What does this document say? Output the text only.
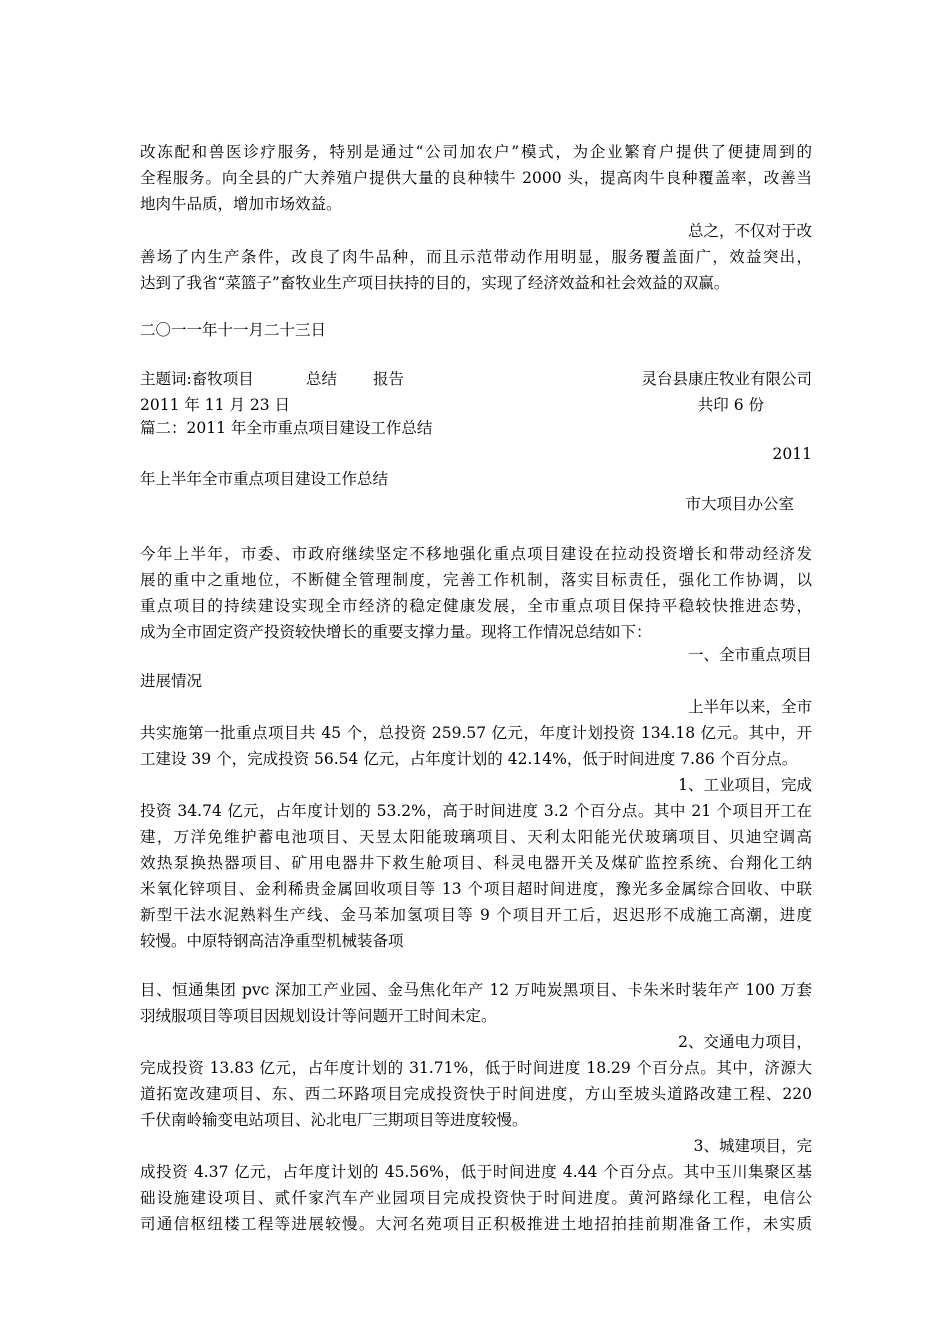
改冻配和兽医诊疗服务，特别是通过“公司加农户”模式，为企业繁育户提供了便捷周到的
全程服务。向全县的广大养殖户提供大量的良种犊牛 2000 头，提高肉牛良种覆盖率，改善当
地肉牛品质，增加市场效益。
总之，不仅对于改
善场了内生产条件，改良了肉牛品种，而且示范带动作用明显，服务覆盖面广，效益突出，
达到了我省“菜篮子”畜牧业生产项目扶持的目的，实现了经济效益和社会效益的双赢。
二〇一一年十一月二十三日
主题词:畜牧项目	总结 报告	灵台县康庄牧业有限公司
2011 年 11 月 23 日	共印 6 份
篇二：2011 年全市重点项目建设工作总结
2011
年上半年全市重点项目建设工作总结
市大项目办公室
今年上半年，市委、市政府继续坚定不移地强化重点项目建设在拉动投资增长和带动经济发
展的重中之重地位，不断健全管理制度，完善工作机制，落实目标责任，强化工作协调，以
重点项目的持续建设实现全市经济的稳定健康发展，全市重点项目保持平稳较快推进态势，
成为全市固定资产投资较快增长的重要支撑力量。现将工作情况总结如下：
一、全市重点项目
进展情况
上半年以来，全市
共实施第一批重点项目共 45 个，总投资 259.57 亿元，年度计划投资 134.18 亿元。其中，开
工建设 39 个，完成投资 56.54 亿元，占年度计划的 42.14%，低于时间进度 7.86 个百分点。
1、工业项目，完成
投资 34.74 亿元，占年度计划的 53.2%，高于时间进度 3.2 个百分点。其中 21 个项目开工在
建，万洋免维护蓄电池项目、天昱太阳能玻璃项目、天利太阳能光伏玻璃项目、贝迪空调高
效热泵换热器项目、矿用电器井下救生舱项目、科灵电器开关及煤矿监控系统、台翔化工纳
米氧化锌项目、金利稀贵金属回收项目等 13 个项目超时间进度，豫光多金属综合回收、中联
新型干法水泥熟料生产线、金马苯加氢项目等 9 个项目开工后，迟迟形不成施工高潮，进度
较慢。中原特钢高洁净重型机械装备项
目、恒通集团 pvc 深加工产业园、金马焦化年产 12 万吨炭黑项目、卡朱米时装年产 100 万套
羽绒服项目等项目因规划设计等问题开工时间未定。
2、交通电力项目，
完成投资 13.83 亿元，占年度计划的 31.71%，低于时间进度 18.29 个百分点。其中，济源大
道拓宽改建项目、东、西二环路项目完成投资快于时间进度，方山至坡头道路改建工程、220
千伏南岭输变电站项目、沁北电厂三期项目等进度较慢。
3、城建项目，完
成投资 4.37 亿元，占年度计划的 45.56%，低于时间进度 4.44 个百分点。其中玉川集聚区基
础设施建设项目、贰仟家汽车产业园项目完成投资快于时间进度。黄河路绿化工程，电信公
司通信枢纽楼工程等进展较慢。大河名苑项目正积极推进土地招拍挂前期准备工作，未实质
